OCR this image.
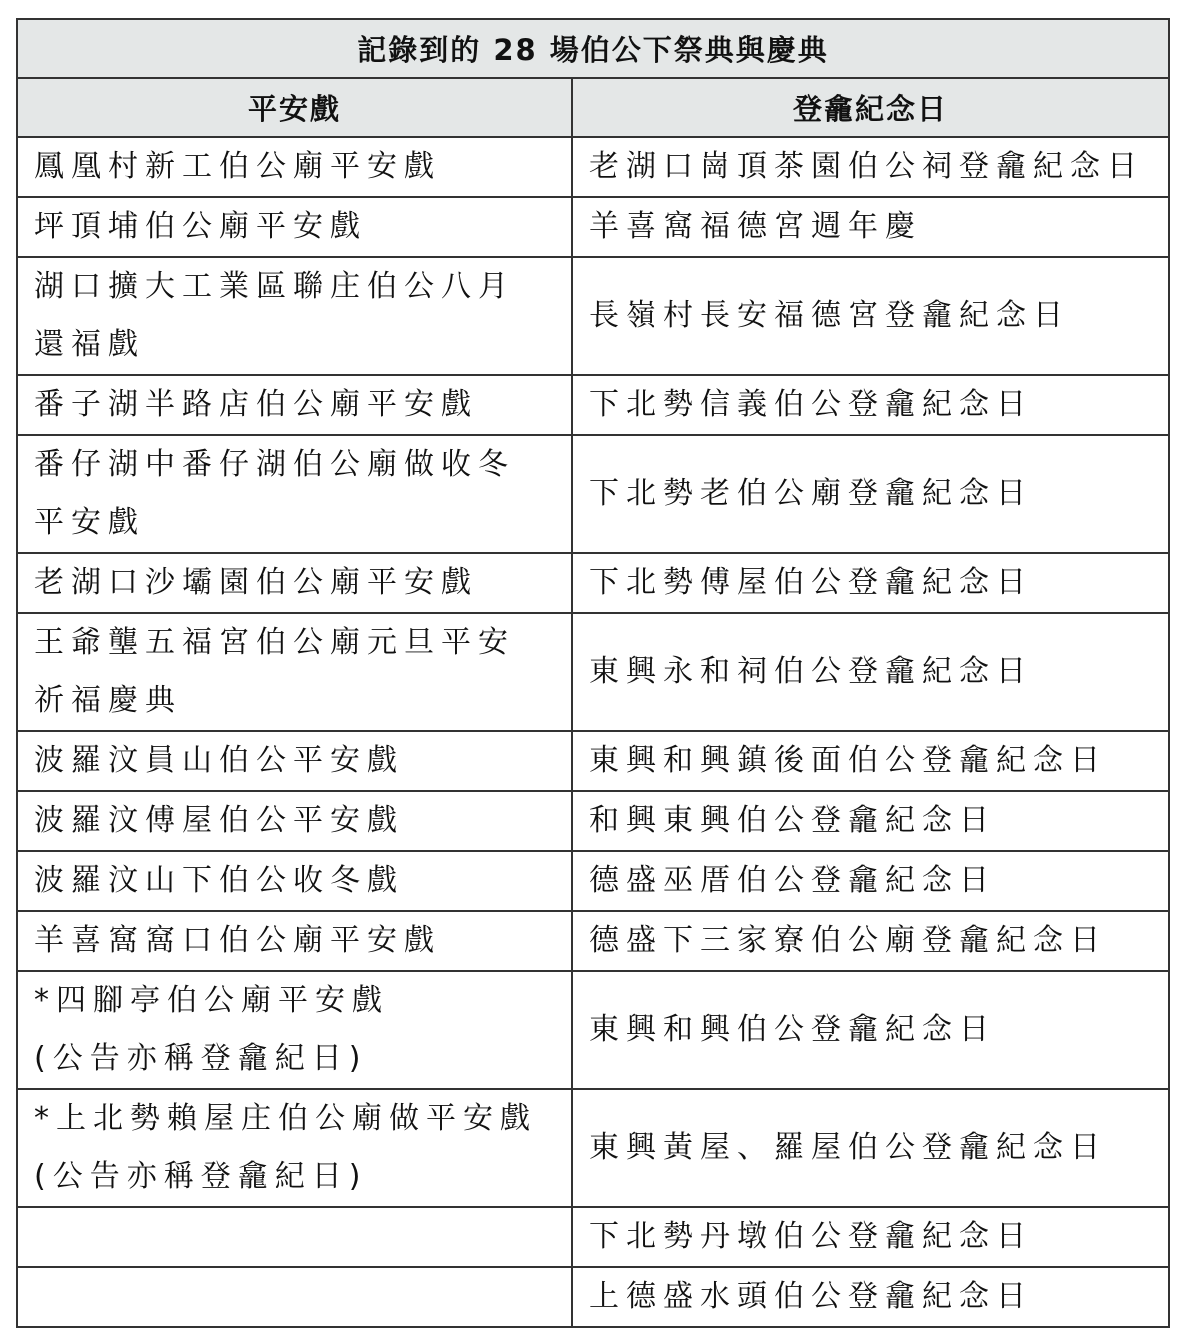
記錄到的 28 場伯公下祭典與慶典	
平安戲	登龕紀念日
鳳凰村新工伯公廟平安戲	老湖口崗頂茶園伯公祠登龕紀念日
坪頂埔伯公廟平安戲	羊喜窩福德宮週年慶
湖口擴大工業區聯庄伯公八月
還福戲	長嶺村長安福德宮登龕紀念日
番子湖半路店伯公廟平安戲	下北勢信義伯公登龕紀念日
番仔湖中番仔湖伯公廟做收冬
平安戲	下北勢老伯公廟登龕紀念日
老湖口沙壩園伯公廟平安戲	下北勢傅屋伯公登龕紀念日
王爺壟五福宮伯公廟元旦平安
祈福慶典	東興永和祠伯公登龕紀念日
波羅汶員山伯公平安戲	東興和興鎮後面伯公登龕紀念日
波羅汶傅屋伯公平安戲	和興東興伯公登龕紀念日
波羅汶山下伯公收冬戲	德盛巫厝伯公登龕紀念日
羊喜窩窩口伯公廟平安戲	德盛下三家寮伯公廟登龕紀念日
*四腳亭伯公廟平安戲
(公告亦稱登龕紀日)	東興和興伯公登龕紀念日
*上北勢賴屋庄伯公廟做平安戲
(公告亦稱登龕紀日)	東興黃屋、羅屋伯公登龕紀念日
	下北勢丹墩伯公登龕紀念日
	上德盛水頭伯公登龕紀念日
